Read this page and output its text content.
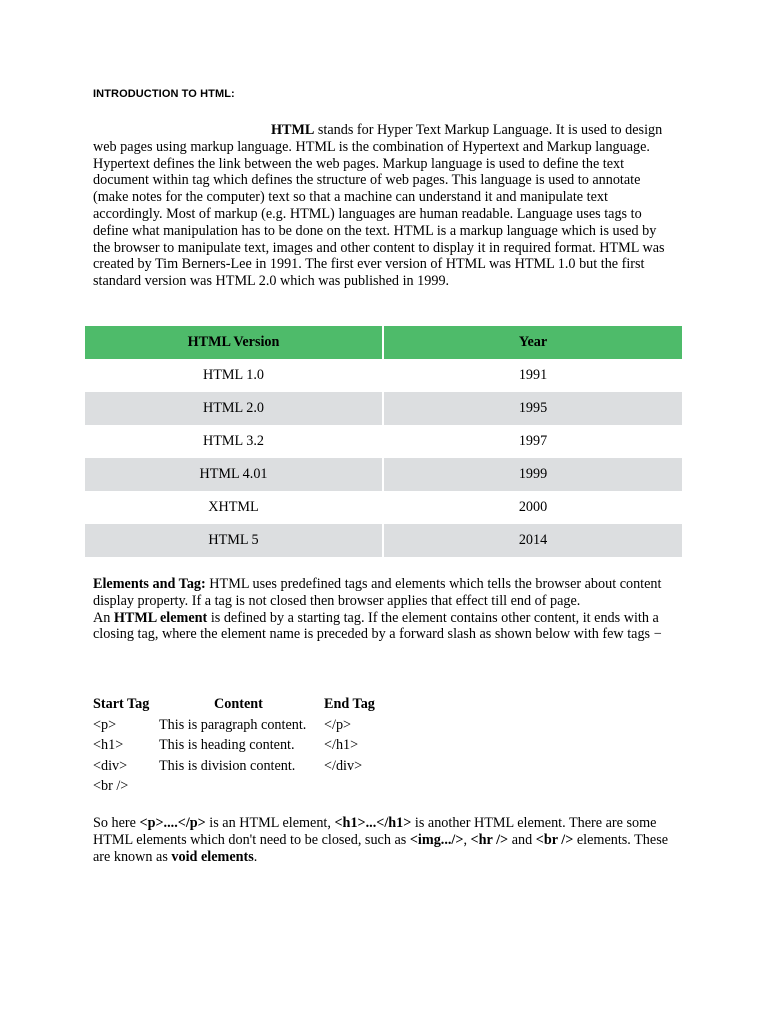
INTRODUCTION TO HTML:

HTML stands for Hyper Text Markup Language. It is used to design web pages using markup language. HTML is the combination of Hypertext and Markup language. Hypertext defines the link between the web pages. Markup language is used to define the text document within tag which defines the structure of web pages. This language is used to annotate (make notes for the computer) text so that a machine can understand it and manipulate text accordingly. Most of markup (e.g. HTML) languages are human readable. Language uses tags to define what manipulation has to be done on the text. HTML is a markup language which is used by the browser to manipulate text, images and other content to display it in required format. HTML was created by Tim Berners-Lee in 1991. The first ever version of HTML was HTML 1.0 but the first standard version was HTML 2.0 which was published in 1999.

HTML Version	Year
HTML 1.0	1991
HTML 2.0	1995
HTML 3.2	1997
HTML 4.01	1999
XHTML	2000
HTML 5	2014

Elements and Tag: HTML uses predefined tags and elements which tells the browser about content display property. If a tag is not closed then browser applies that effect till end of page.

An HTML element is defined by a starting tag. If the element contains other content, it ends with a closing tag, where the element name is preceded by a forward slash as shown below with few tags −

Start Tag	Content	End Tag
<p>	This is paragraph content.	</p>
<h1>	This is heading content.	</h1>
<div>	This is division content.	</div>
<br />		

So here <p>....</p> is an HTML element, <h1>...</h1> is another HTML element. There are some HTML elements which don't need to be closed, such as <img.../>, <hr /> and <br /> elements. These are known as void elements.
